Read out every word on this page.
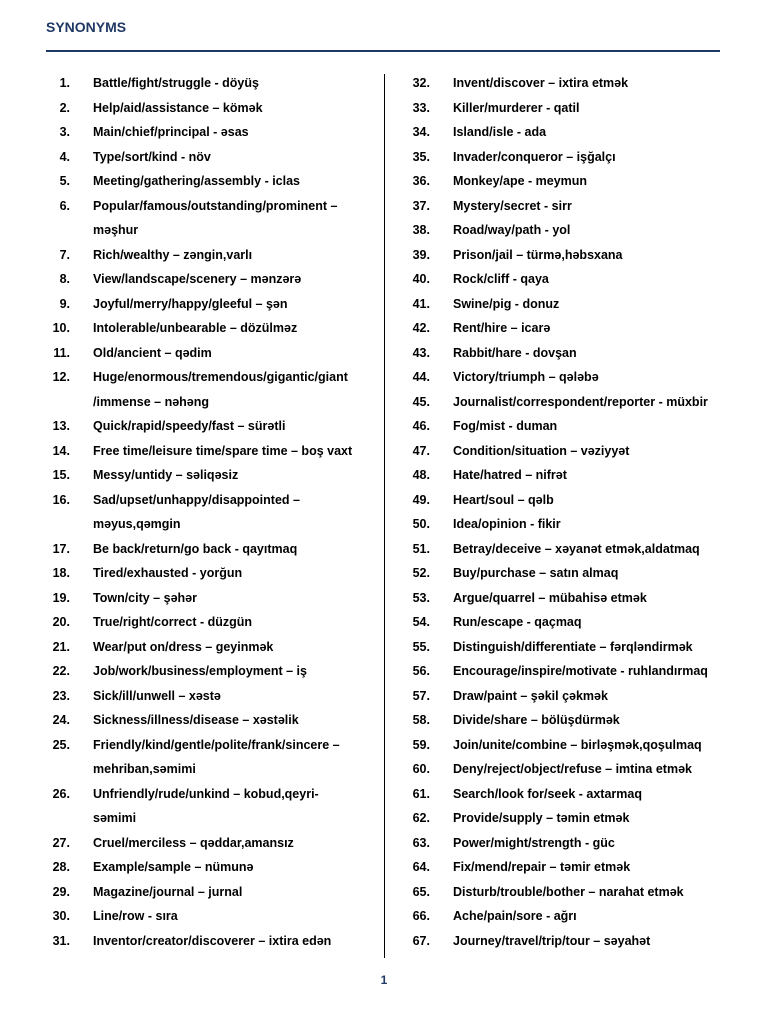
SYNONYMS
1. Battle/fight/struggle - döyüş
2. Help/aid/assistance – kömək
3. Main/chief/principal - əsas
4. Type/sort/kind - növ
5. Meeting/gathering/assembly - iclas
6. Popular/famous/outstanding/prominent –
məşhur
7. Rich/wealthy – zəngin,varlı
8. View/landscape/scenery – mənzərə
9. Joyful/merry/happy/gleeful – şən
10. Intolerable/unbearable – dözülməz
11. Old/ancient – qədim
12. Huge/enormous/tremendous/gigantic/giant
/immense – nəhəng
13. Quick/rapid/speedy/fast – sürətli
14. Free time/leisure time/spare time – boş vaxt
15. Messy/untidy – səliqəsiz
16. Sad/upset/unhappy/disappointed –
məyus,qəmgin
17. Be back/return/go back - qayıtmaq
18. Tired/exhausted - yorğun
19. Town/city – şəhər
20. True/right/correct - düzgün
21. Wear/put on/dress – geyinmək
22. Job/work/business/employment – iş
23. Sick/ill/unwell – xəstə
24. Sickness/illness/disease – xəstəlik
25. Friendly/kind/gentle/polite/frank/sincere –
mehriban,səmimi
26. Unfriendly/rude/unkind – kobud,qeyri-
səmimi
27. Cruel/merciless – qəddar,amansız
28. Example/sample – nümunə
29. Magazine/journal – jurnal
30. Line/row - sıra
31. Inventor/creator/discoverer – ixtira edən
32. Invent/discover – ixtira etmək
33. Killer/murderer - qatil
34. Island/isle - ada
35. Invader/conqueror – işğalçı
36. Monkey/ape - meymun
37. Mystery/secret - sirr
38. Road/way/path - yol
39. Prison/jail – türmə,həbsxana
40. Rock/cliff - qaya
41. Swine/pig - donuz
42. Rent/hire – icarə
43. Rabbit/hare - dovşan
44. Victory/triumph – qələbə
45. Journalist/correspondent/reporter - müxbir
46. Fog/mist - duman
47. Condition/situation – vəziyyət
48. Hate/hatred – nifrət
49. Heart/soul – qəlb
50. Idea/opinion - fikir
51. Betray/deceive – xəyanət etmək,aldatmaq
52. Buy/purchase – satın almaq
53. Argue/quarrel – mübahisə etmək
54. Run/escape - qaçmaq
55. Distinguish/differentiate – fərqləndirmək
56. Encourage/inspire/motivate - ruhlandırmaq
57. Draw/paint – şəkil çəkmək
58. Divide/share – bölüşdürmək
59. Join/unite/combine – birləşmək,qoşulmaq
60. Deny/reject/object/refuse – imtina etmək
61. Search/look for/seek - axtarmaq
62. Provide/supply – təmin etmək
63. Power/might/strength - güc
64. Fix/mend/repair – təmir etmək
65. Disturb/trouble/bother – narahat etmək
66. Ache/pain/sore - ağrı
67. Journey/travel/trip/tour – səyahət
1
